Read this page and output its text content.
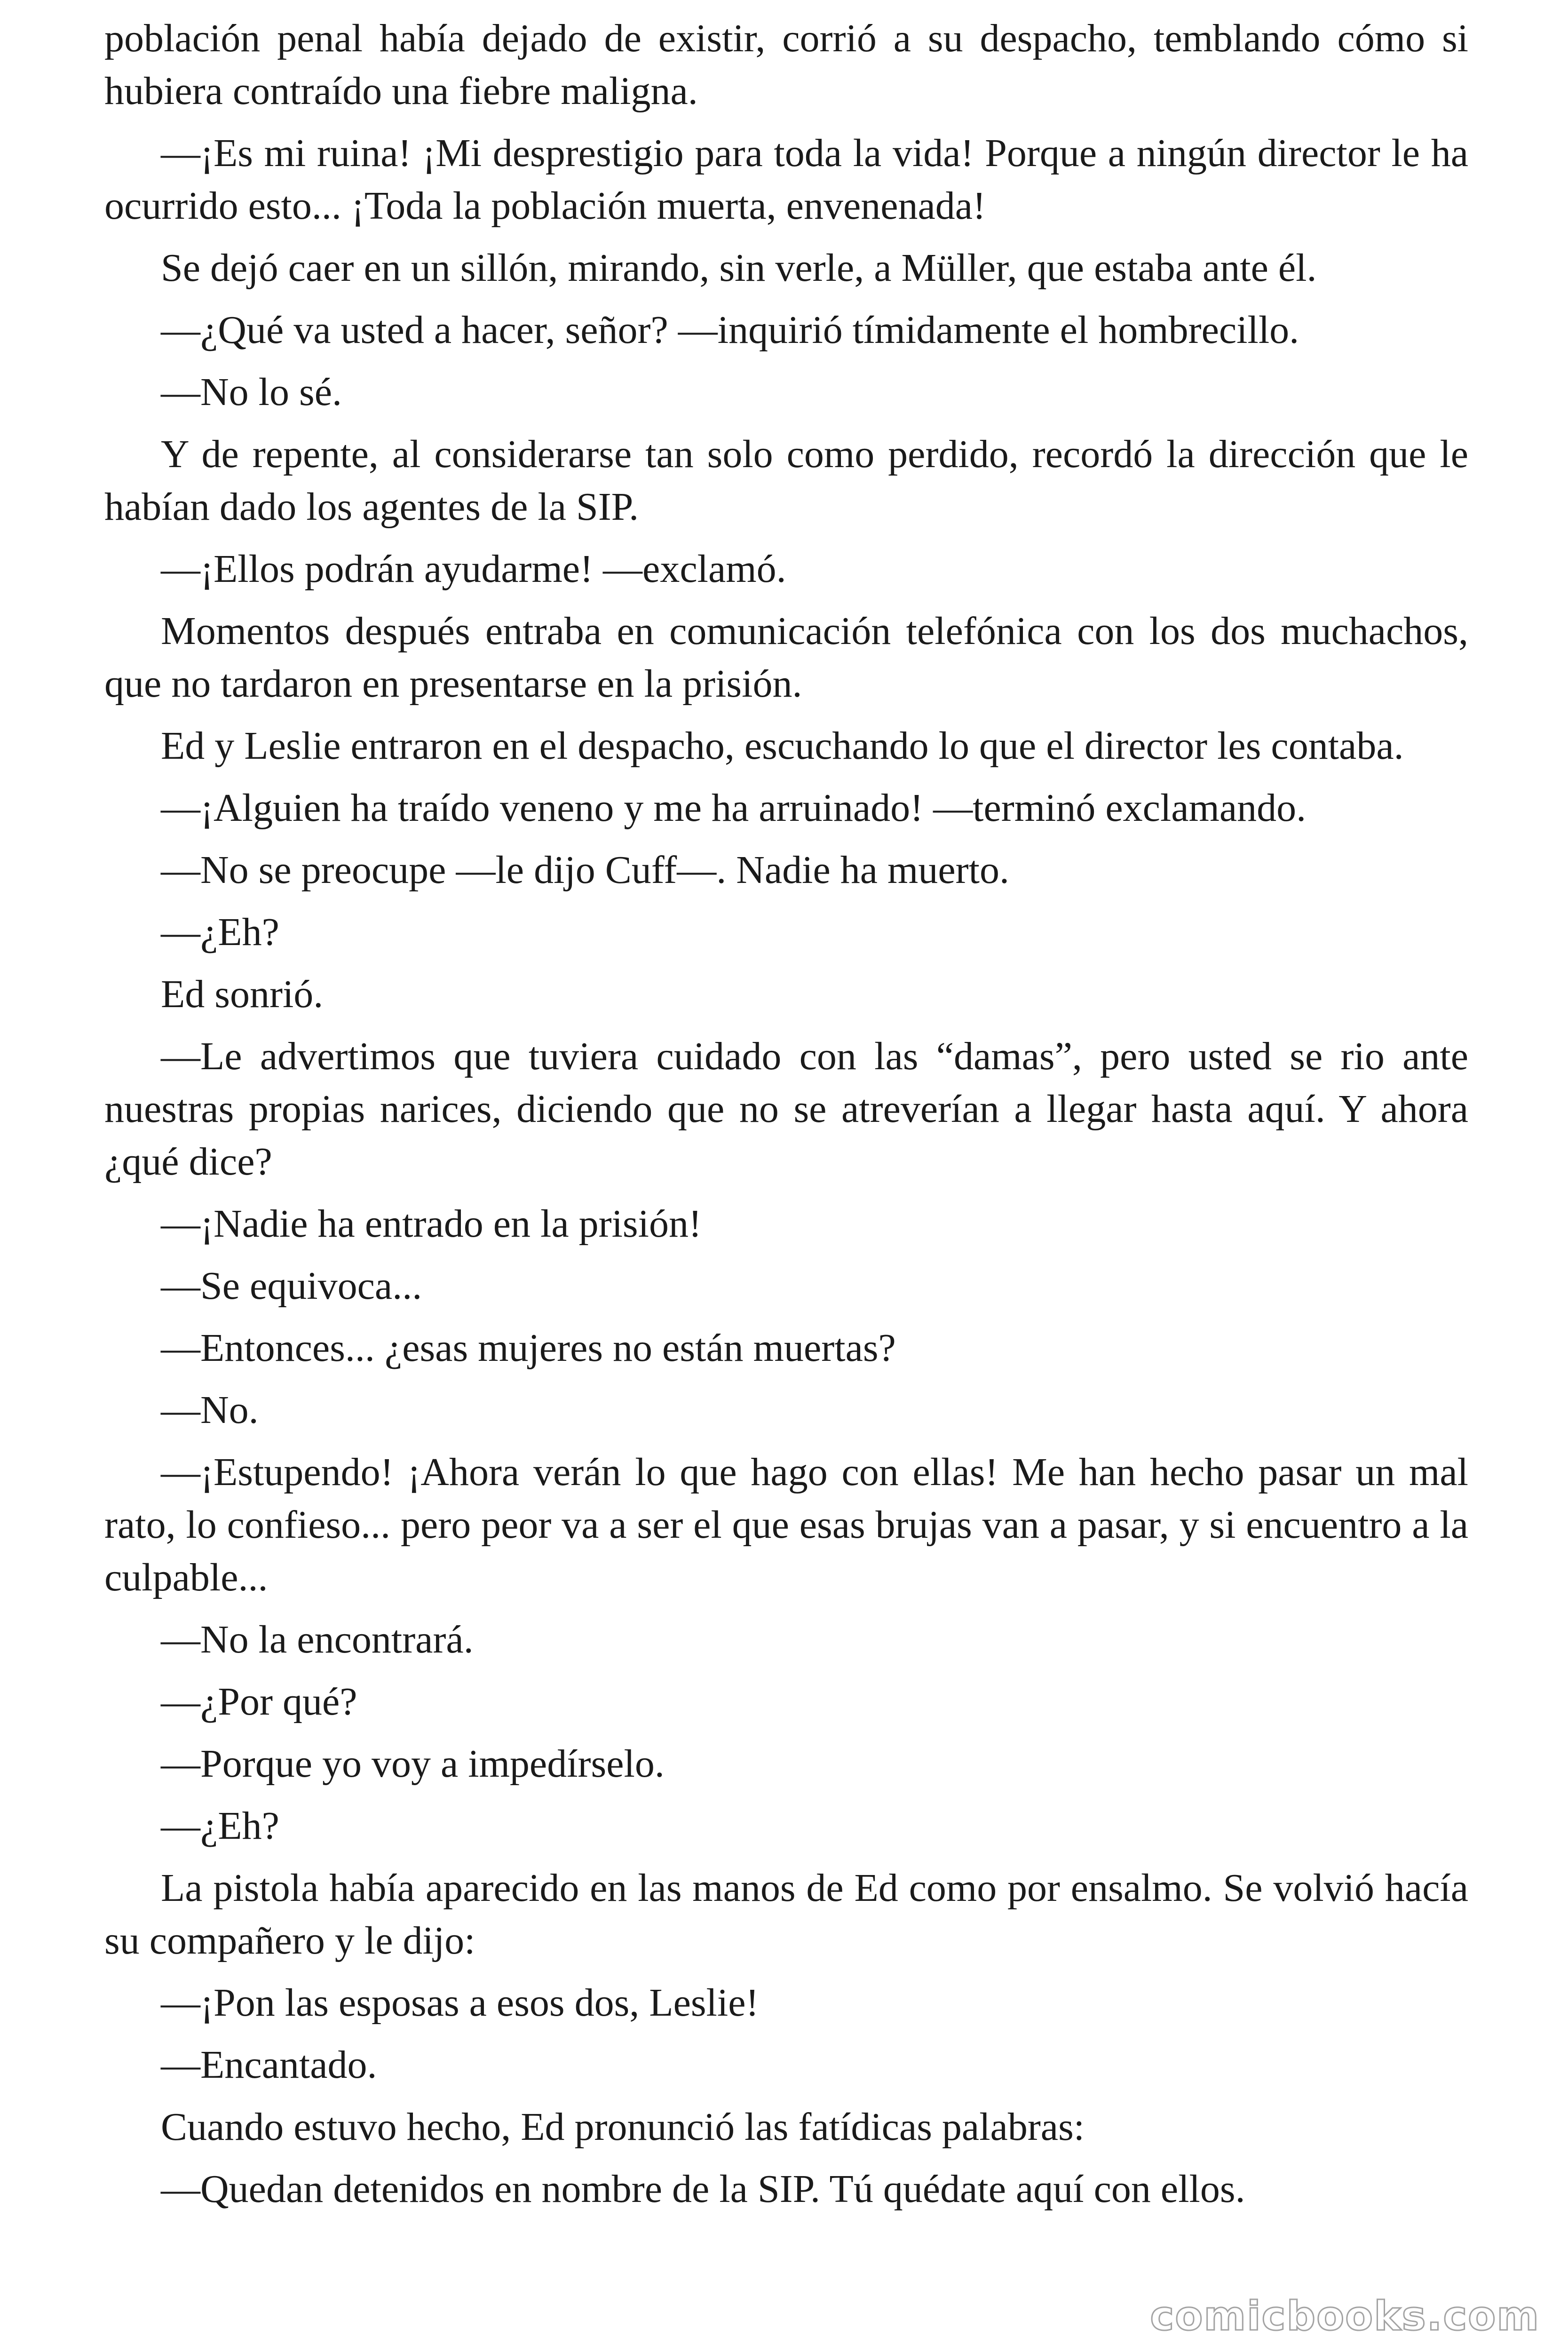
población penal había dejado de existir, corrió a su despacho, temblando cómo si hubiera contraído una fiebre maligna.

—¡Es mi ruina! ¡Mi desprestigio para toda la vida! Porque a ningún director le ha ocurrido esto... ¡Toda la población muerta, envenenada!

Se dejó caer en un sillón, mirando, sin verle, a Müller, que estaba ante él.

—¿Qué va usted a hacer, señor? —inquirió tímidamente el hombrecillo.

—No lo sé.

Y de repente, al considerarse tan solo como perdido, recordó la dirección que le habían dado los agentes de la SIP.

—¡Ellos podrán ayudarme! —exclamó.

Momentos después entraba en comunicación telefónica con los dos muchachos, que no tardaron en presentarse en la prisión.

Ed y Leslie entraron en el despacho, escuchando lo que el director les contaba.

—¡Alguien ha traído veneno y me ha arruinado! —terminó exclamando.

—No se preocupe —le dijo Cuff—. Nadie ha muerto.

—¿Eh?

Ed sonrió.

—Le advertimos que tuviera cuidado con las “damas”, pero usted se rio ante nuestras propias narices, diciendo que no se atreverían a llegar hasta aquí. Y ahora ¿qué dice?

—¡Nadie ha entrado en la prisión!

—Se equivoca...

—Entonces... ¿esas mujeres no están muertas?

—No.

—¡Estupendo! ¡Ahora verán lo que hago con ellas! Me han hecho pasar un mal rato, lo confieso... pero peor va a ser el que esas brujas van a pasar, y si encuentro a la culpable...

—No la encontrará.

—¿Por qué?

—Porque yo voy a impedírselo.

—¿Eh?

La pistola había aparecido en las manos de Ed como por ensalmo. Se volvió hacía su compañero y le dijo:

—¡Pon las esposas a esos dos, Leslie!

—Encantado.

Cuando estuvo hecho, Ed pronunció las fatídicas palabras:

—Quedan detenidos en nombre de la SIP. Tú quédate aquí con ellos.

comicbooks.com
